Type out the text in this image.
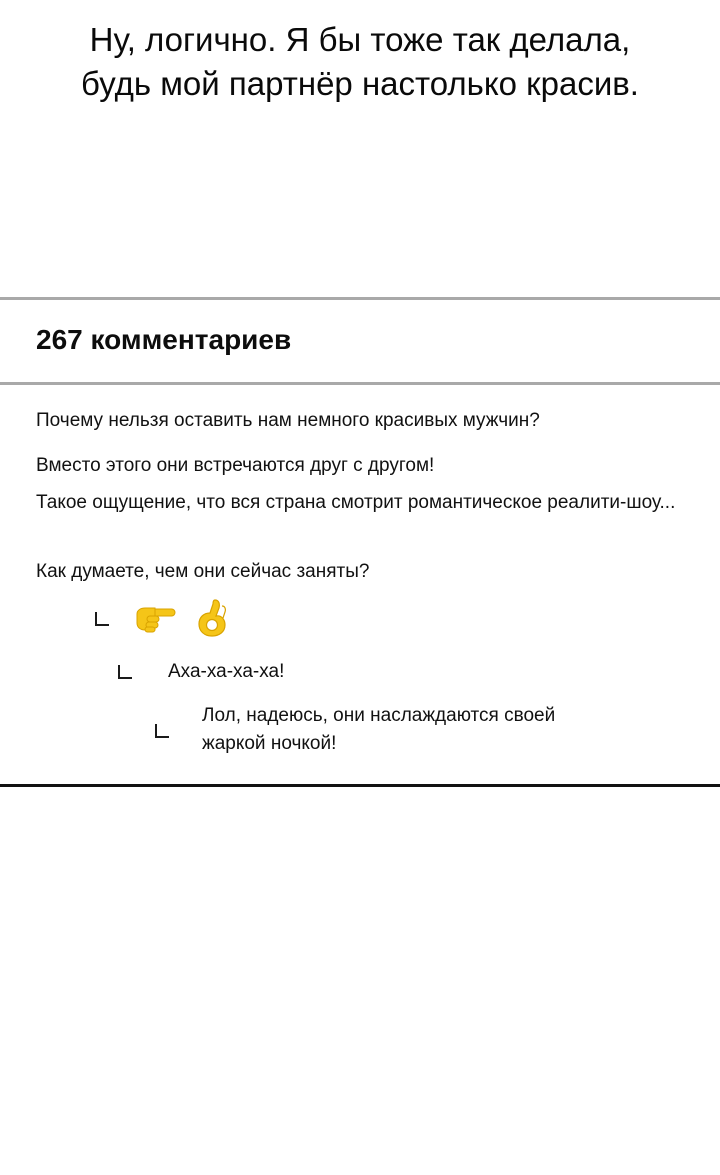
Ну, логично. Я бы тоже так делала,
будь мой партнёр настолько красив.
267 комментариев
Почему нельзя оставить нам немного красивых мужчин?
Вместо этого они встречаются друг с другом!
Такое ощущение, что вся страна смотрит романтическое реалити-шоу...
Как думаете, чем они сейчас заняты?
Аха-ха-ха-ха!
Лол, надеюсь, они наслаждаются своей жаркой ночкой!
